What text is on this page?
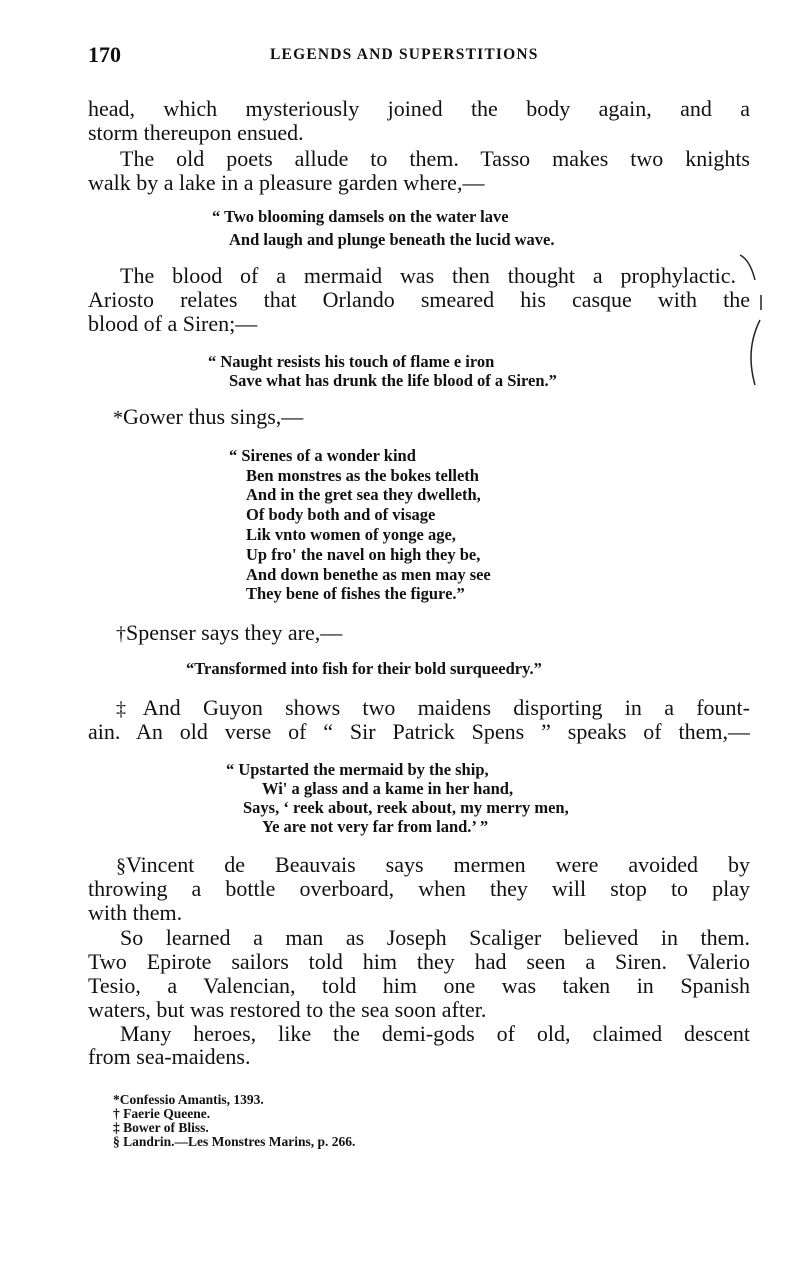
170	LEGENDS AND SUPERSTITIONS
head, which mysteriously joined the body again, and a
storm thereupon ensued.
The old poets allude to them. Tasso makes two knights
walk by a lake in a pleasure garden where,—
“ Two blooming damsels on the water lave
And laugh and plunge beneath the lucid wave.
The blood of a mermaid was then thought a prophylactic.
Ariosto relates that Orlando smeared his casque with the
blood of a Siren;—
“ Naught resists his touch of flame e iron
Save what has drunk the life blood of a Siren.”
*Gower thus sings,—
“ Sirenes of a wonder kind
Ben monstres as the bokes telleth
And in the gret sea they dwelleth,
Of body both and of visage
Lik vnto women of yonge age,
Up fro' the navel on high they be,
And down benethe as men may see
They bene of fishes the figure.”
†Spenser says they are,—
“Transformed into fish for their bold surqueedry.”
‡And Guyon shows two maidens disporting in a fount-
ain. An old verse of “ Sir Patrick Spens ” speaks of them,—
“ Upstarted the mermaid by the ship,
Wi' a glass and a kame in her hand,
Says, ‘ reek about, reek about, my merry men,
Ye are not very far from land.’ ”
§Vincent de Beauvais says mermen were avoided by
throwing a bottle overboard, when they will stop to play
with them.
So learned a man as Joseph Scaliger believed in them.
Two Epirote sailors told him they had seen a Siren. Valerio
Tesio, a Valencian, told him one was taken in Spanish
waters, but was restored to the sea soon after.
Many heroes, like the demi-gods of old, claimed descent
from sea-maidens.
*Confessio Amantis, 1393.
† Faerie Queene.
‡ Bower of Bliss.
§ Landrin.—Les Monstres Marins, p. 266.
